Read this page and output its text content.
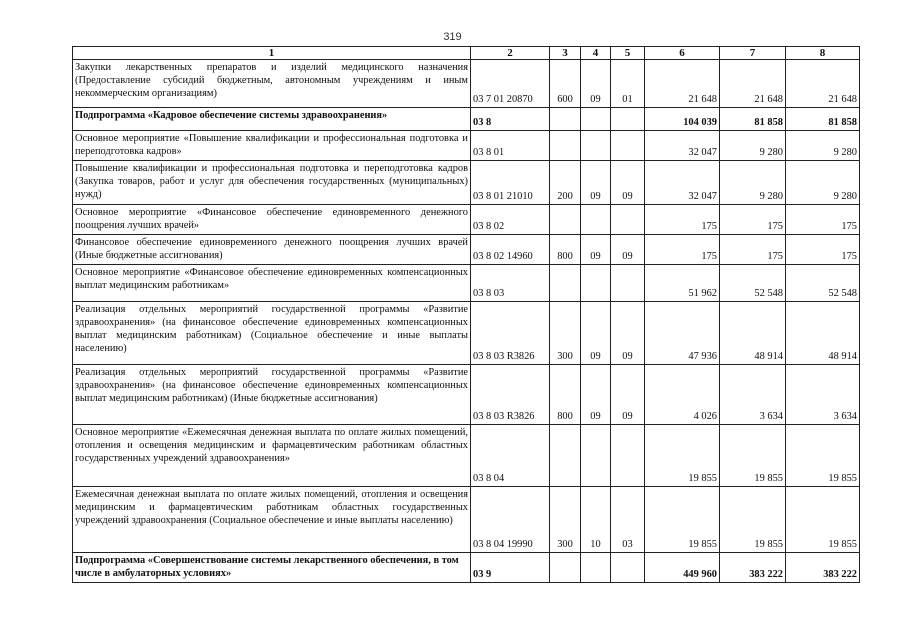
319
1	2	3	4	5	6	7	8
Закупки лекарственных препаратов и изделий медицинского назначения (Предоставление субсидий бюджетным, автономным учреждениям и иным некоммерческим организациям)	03 7 01 20870	600	09	01	21 648	21 648	21 648
Подпрограмма «Кадровое обеспечение системы здравоохранения»	03 8				104 039	81 858	81 858
Основное мероприятие «Повышение квалификации и профессиональная подготовка и переподготовка кадров»	03 8 01				32 047	9 280	9 280
Повышение квалификации и профессиональная подготовка и переподготовка кадров (Закупка товаров, работ и услуг для обеспечения государственных (муниципальных) нужд)	03 8 01 21010	200	09	09	32 047	9 280	9 280
Основное мероприятие «Финансовое обеспечение единовременного денежного поощрения лучших врачей»	03 8 02				175	175	175
Финансовое обеспечение единовременного денежного поощрения лучших врачей (Иные бюджетные ассигнования)	03 8 02 14960	800	09	09	175	175	175
Основное мероприятие «Финансовое обеспечение единовременных компенсационных выплат медицинским работникам»	03 8 03				51 962	52 548	52 548
Реализация отдельных мероприятий государственной программы «Развитие здравоохранения» (на финансовое обеспечение единовременных компенсационных выплат медицинским работникам) (Социальное обеспечение и иные выплаты населению)	03 8 03 R3826	300	09	09	47 936	48 914	48 914
Реализация отдельных мероприятий государственной программы «Развитие здравоохранения» (на финансовое обеспечение единовременных компенсационных выплат медицинским работникам) (Иные бюджетные ассигнования)	03 8 03 R3826	800	09	09	4 026	3 634	3 634
Основное мероприятие «Ежемесячная денежная выплата по оплате жилых помещений, отопления и освещения медицинским и фармацевтическим работникам областных государственных учреждений здравоохранения»	03 8 04				19 855	19 855	19 855
Ежемесячная денежная выплата по оплате жилых помещений, отопления и освещения медицинским и фармацевтическим работникам областных государственных учреждений здравоохранения (Социальное обеспечение и иные выплаты населению)	03 8 04 19990	300	10	03	19 855	19 855	19 855
Подпрограмма «Совершенствование системы лекарственного обеспечения, в том числе в амбулаторных условиях»	03 9				449 960	383 222	383 222
